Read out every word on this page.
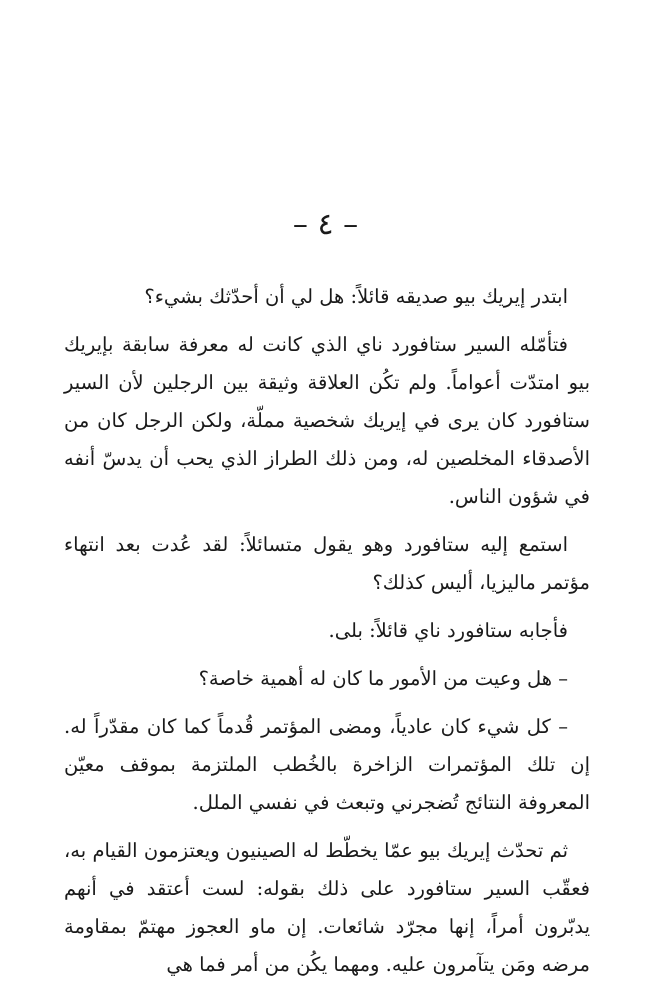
– ٤ –

ابتدر إيريك بيو صديقه قائلاً: هل لي أن أحدّثك بشيء؟

فتأمّله السير ستافورد ناي الذي كانت له معرفة سابقة بإيريك بيو امتدّت أعواماً. ولم تكُن العلاقة وثيقة بين الرجلين لأن السير ستافورد كان يرى في إيريك شخصية مملّة، ولكن الرجل كان من الأصدقاء المخلصين له، ومن ذلك الطراز الذي يحب أن يدسّ أنفه في شؤون الناس.

استمع إليه ستافورد وهو يقول متسائلاً: لقد عُدت بعد انتهاء مؤتمر ماليزيا، أليس كذلك؟

فأجابه ستافورد ناي قائلاً: بلى.

– هل وعيت من الأمور ما كان له أهمية خاصة؟

– كل شيء كان عادياً، ومضى المؤتمر قُدماً كما كان مقدّراً له. إن تلك المؤتمرات الزاخرة بالخُطب الملتزمة بموقف معيّن المعروفة النتائج تُضجرني وتبعث في نفسي الملل.

ثم تحدّث إيريك بيو عمّا يخطّط له الصينيون ويعتزمون القيام به، فعقّب السير ستافورد على ذلك بقوله: لست أعتقد في أنهم يدبّرون أمراً، إنها مجرّد شائعات. إن ماو العجوز مهتمّ بمقاومة مرضه ومَن يتآمرون عليه. ومهما يكُن من أمر فما هي
